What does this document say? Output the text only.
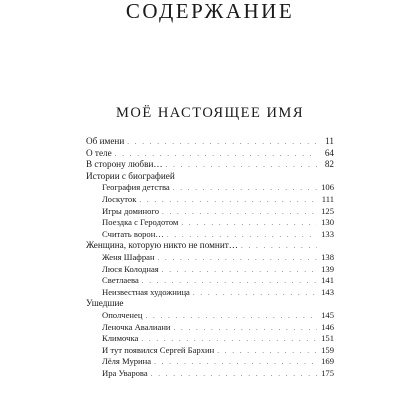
СОДЕРЖАНИЕ
МОЁ НАСТОЯЩЕЕ ИМЯ
Об имени . . .	11
О теле . . .	64
В сторону любви… . . .	82
Истории с биографией
География детства . . .	106
Лоскуток . . .	111
Игры доминого . . .	125
Поездка с Геродотом . . .	130
Считать ворон… . . .	133
Женщина, которую никто не помнит…
. . .
Женя Шафран . . .	138
Люся Колодная . . .	139
Светлаева . . .	141
Неизвестная художница . . .	143
Ушедшие
Ополченец . . .	145
Леночка Авалиани . . .	146
Климочка . . .	151
И тут появился Сергей Бархин . . .	159
Лёля Мурина . . .	169
Ира Уварова . . .	175
